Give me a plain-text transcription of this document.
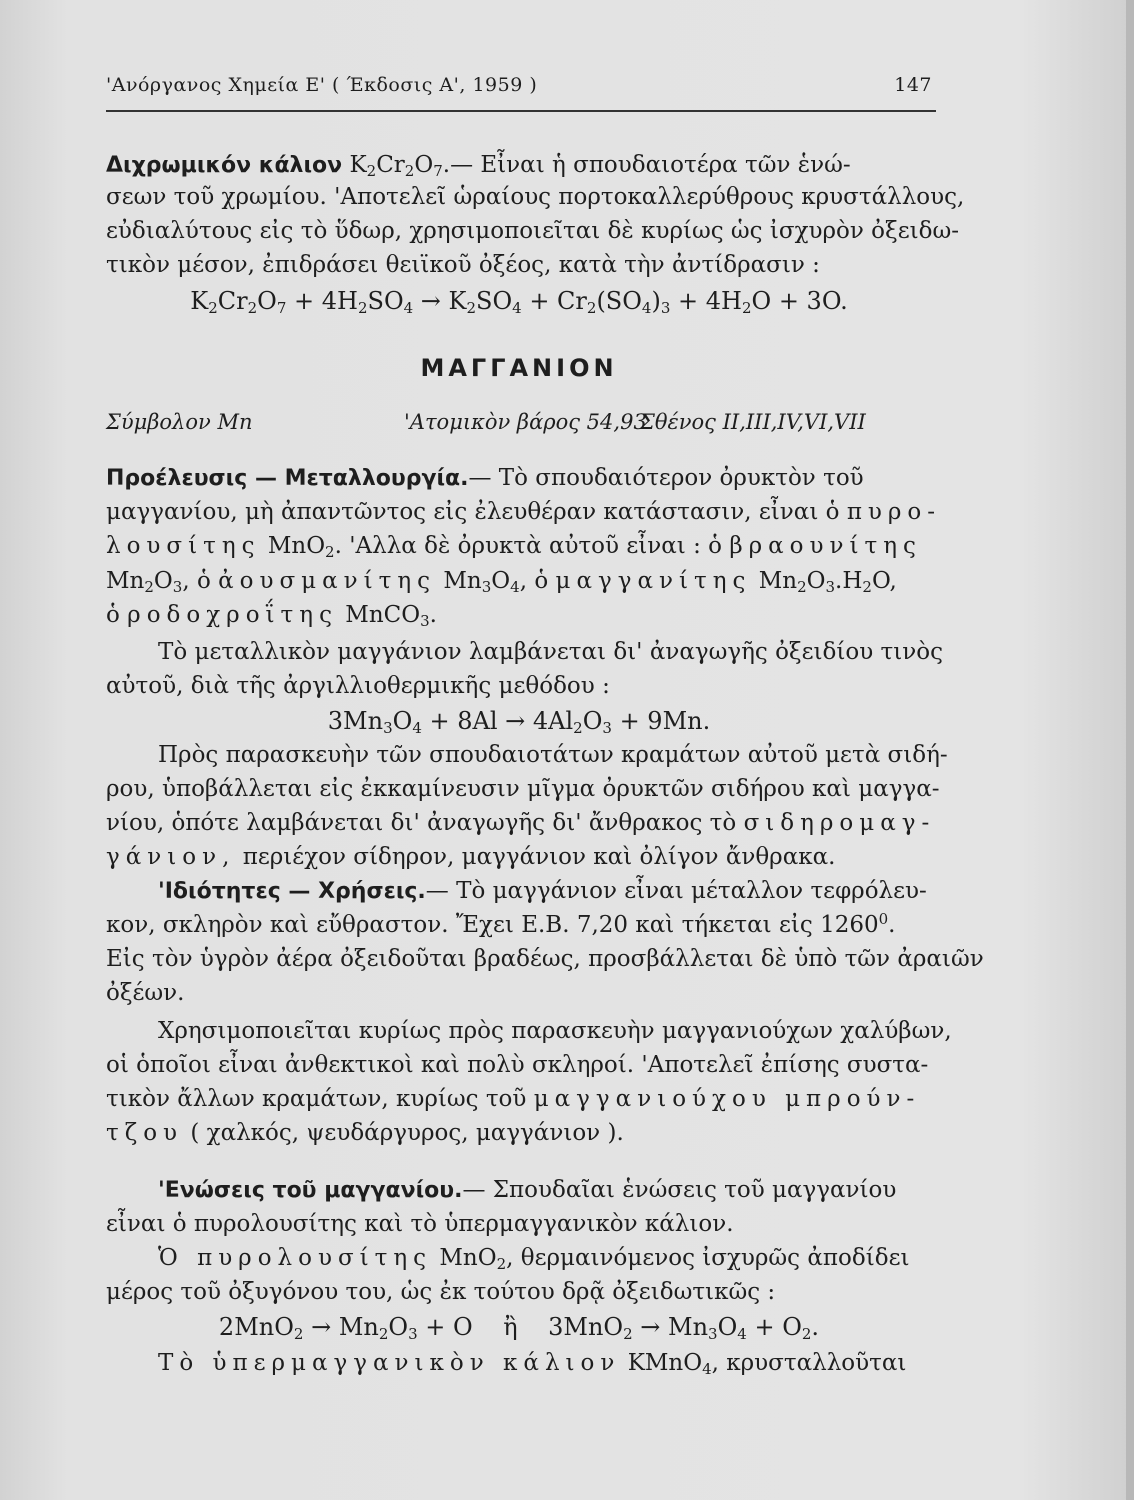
'Ανόργανος Χημεία Ε' ( Έκδοσις Α', 1959 )	147
Διχρωμικόν κάλιον $K_2Cr_2O_7.—$ Εἶναι ἡ σπουδαιοτέρα τῶν ἑνώ-
σεων τοῦ χρωμίου. 'Αποτελεῖ ὡραίους πορτοκαλλερύθρους κρυστάλλους,
εὐδιαλύτους εἰς τὸ ὕδωρ, χρησιμοποιεῖται δὲ κυρίως ὡς ἰσχυρὸν ὀξειδω-
τικὸν μέσον, ἐπιδράσει θειϊκοῦ ὀξέος, κατὰ τὴν ἀντίδρασιν :
$K_2Cr_2O_7 + 4H_2SO_4 \to K_2SO_4 + Cr_2(SO_4)_3 + 4H_2O + 3O$.
ΜΑΓΓΑΝΙΟΝ
Σύμβολον Mn	'Ατομικὸν βάρος 54,93
Σθένος II,III,IV,VI,VII
Προέλευσις — Μεταλλουργία.— Τὸ σπουδαιότερον ὀρυκτὸν τοῦ
μαγγανίου, μὴ ἀπαντῶντος εἰς ἐλευθέραν κατάστασιν, εἶναι ὁ πυρο-
λουσίτης MnO$_2$. 'Αλλα δὲ ὀρυκτὰ αὐτοῦ εἶναι : ὁ βραουνίτης
$Mn_2O_3$, ὁ ἀουσμανίτης $Mn_3O_4$, ὁ μαγγανίτης $Mn_2O_3.H_2O$,
ὁ ροδοχροΐτης MnCO$_3$.
Τὸ μεταλλικὸν μαγγάνιον λαμβάνεται δι' ἀναγωγῆς ὀξειδίου τινὸς
αὐτοῦ, διὰ τῆς ἀργιλλιοθερμικῆς μεθόδου :
$3Mn_3O_4 + 8Al \to 4Al_2O_3 + 9Mn$.
Πρὸς παρασκευὴν τῶν σπουδαιοτάτων κραμάτων αὐτοῦ μετὰ σιδή-
ρου, ὑποβάλλεται εἰς ἐκκαμίνευσιν μῖγμα ὀρυκτῶν σιδήρου καὶ μαγγα-
νίου, ὁπότε λαμβάνεται δι' ἀναγωγῆς δι' ἄνθρακος τὸ σιδηρομαγ-
γάνιον, περιέχον σίδηρον, μαγγάνιον καὶ ὀλίγον ἄνθρακα.
'Ιδιότητες — Χρήσεις.— Τὸ μαγγάνιον εἶναι μέταλλον τεφρόλευ-
κον, σκληρὸν καὶ εὔθραστον. Ἔχει Ε.Β. 7,20 καὶ τήκεται εἰς 1260$^0$.
Εἰς τὸν ὑγρὸν ἀέρα ὀξειδοῦται βραδέως, προσβάλλεται δὲ ὑπὸ τῶν ἀραιῶν
ὀξέων.
Χρησιμοποιεῖται κυρίως πρὸς παρασκευὴν μαγγανιούχων χαλύβων,
οἱ ὁποῖοι εἶναι ἀνθεκτικοὶ καὶ πολὺ σκληροί. 'Αποτελεῖ ἐπίσης συστα-
τικὸν ἄλλων κραμάτων, κυρίως τοῦ μαγγανιούχου μπρούν-
τζου ( χαλκός, ψευδάργυρος, μαγγάνιον ).
'Ενώσεις τοῦ μαγγανίου.— Σπουδαῖαι ἑνώσεις τοῦ μαγγανίου
εἶναι ὁ πυρολουσίτης καὶ τὸ ὑπερμαγγανικὸν κάλιον.
Ὁ πυρολουσίτης MnO$_2$, θερμαινόμενος ἰσχυρῶς ἀποδίδει
μέρος τοῦ ὀξυγόνου του, ὡς ἐκ τούτου δρᾷ ὀξειδωτικῶς :
$2MnO_2 \to Mn_2O_3 + O$    ἢ    $3MnO_2 \to Mn_3O_4 + O_2$.
Τὸ ὑπερμαγγανικὸν κάλιον KMnO$_4$, κρυσταλλοῦται
